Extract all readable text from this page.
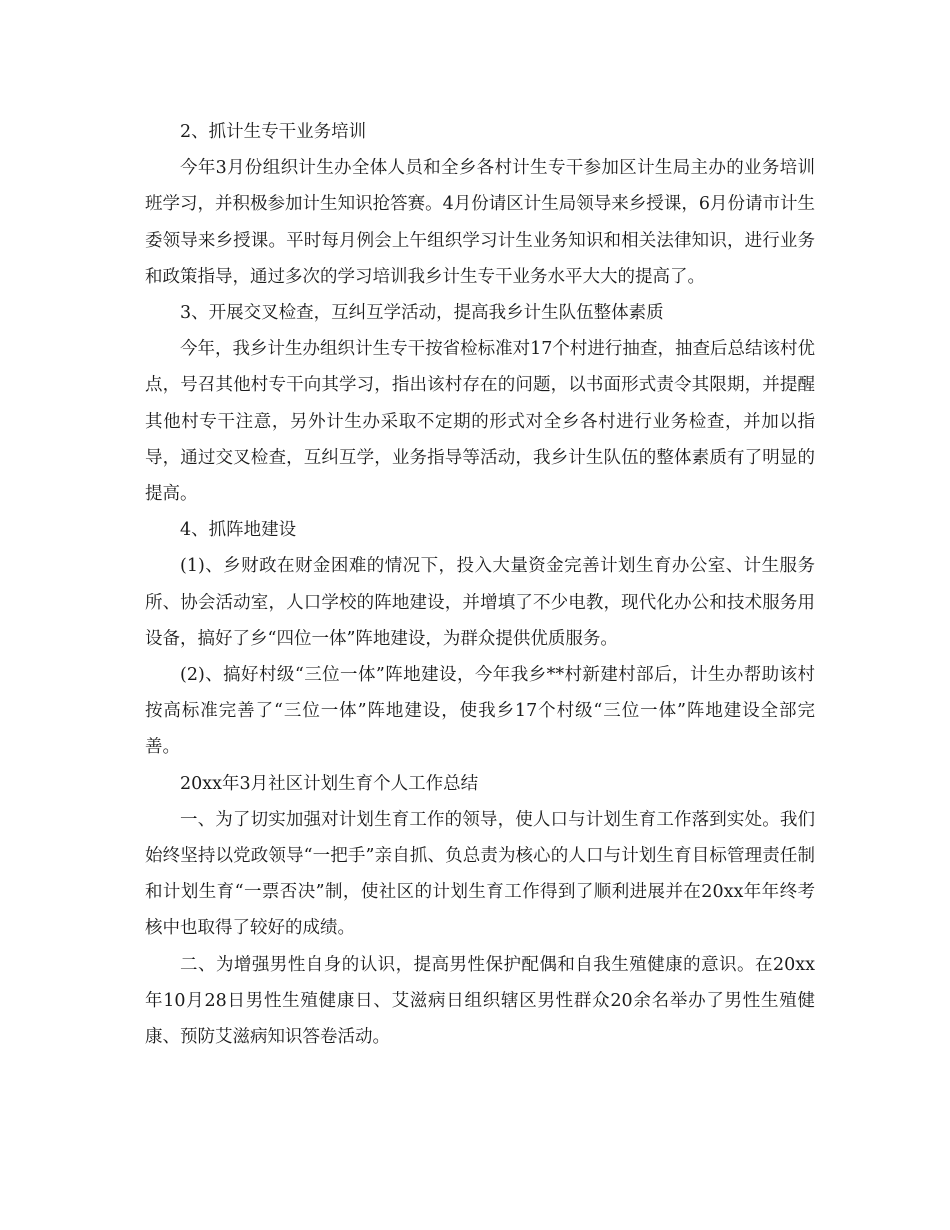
2、抓计生专干业务培训

今年3月份组织计生办全体人员和全乡各村计生专干参加区计生局主办的业务培训班学习，并积极参加计生知识抢答赛。4月份请区计生局领导来乡授课，6月份请市计生委领导来乡授课。平时每月例会上午组织学习计生业务知识和相关法律知识，进行业务和政策指导，通过多次的学习培训我乡计生专干业务水平大大的提高了。

3、开展交叉检查，互纠互学活动，提高我乡计生队伍整体素质

今年，我乡计生办组织计生专干按省检标准对17个村进行抽查，抽查后总结该村优点，号召其他村专干向其学习，指出该村存在的问题，以书面形式责令其限期，并提醒其他村专干注意，另外计生办采取不定期的形式对全乡各村进行业务检查，并加以指导，通过交叉检查，互纠互学，业务指导等活动，我乡计生队伍的整体素质有了明显的提高。

4、抓阵地建设

(1)、乡财政在财金困难的情况下，投入大量资金完善计划生育办公室、计生服务所、协会活动室，人口学校的阵地建设，并增填了不少电教，现代化办公和技术服务用设备，搞好了乡“四位一体”阵地建设，为群众提供优质服务。

(2)、搞好村级“三位一体”阵地建设，今年我乡**村新建村部后，计生办帮助该村按高标准完善了“三位一体”阵地建设，使我乡17个村级“三位一体”阵地建设全部完善。

20xx年3月社区计划生育个人工作总结

一、为了切实加强对计划生育工作的领导，使人口与计划生育工作落到实处。我们始终坚持以党政领导“一把手”亲自抓、负总责为核心的人口与计划生育目标管理责任制和计划生育“一票否决”制，使社区的计划生育工作得到了顺利进展并在20xx年年终考核中也取得了较好的成绩。

二、为增强男性自身的认识，提高男性保护配偶和自我生殖健康的意识。在20xx年10月28日男性生殖健康日、艾滋病日组织辖区男性群众20余名举办了男性生殖健康、预防艾滋病知识答卷活动。
